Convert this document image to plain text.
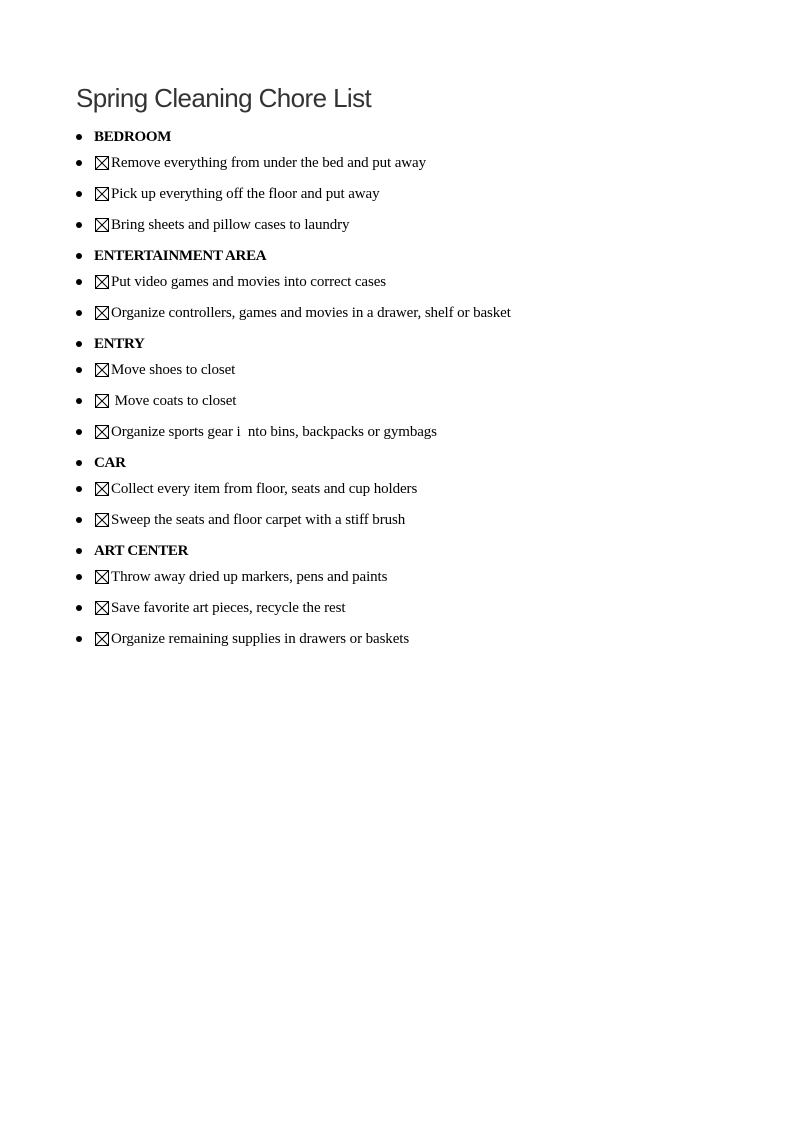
Spring Cleaning Chore List
BEDROOM
Remove everything from under the bed and put away
Pick up everything off the floor and put away
Bring sheets and pillow cases to laundry
ENTERTAINMENT AREA
Put video games and movies into correct cases
Organize controllers, games and movies in a drawer, shelf or basket
ENTRY
Move shoes to closet
Move coats to closet
Organize sports gear i  nto bins, backpacks or gymbags
CAR
Collect every item from floor, seats and cup holders
Sweep the seats and floor carpet with a stiff brush
ART CENTER
Throw away dried up markers, pens and paints
Save favorite art pieces, recycle the rest
Organize remaining supplies in drawers or baskets
